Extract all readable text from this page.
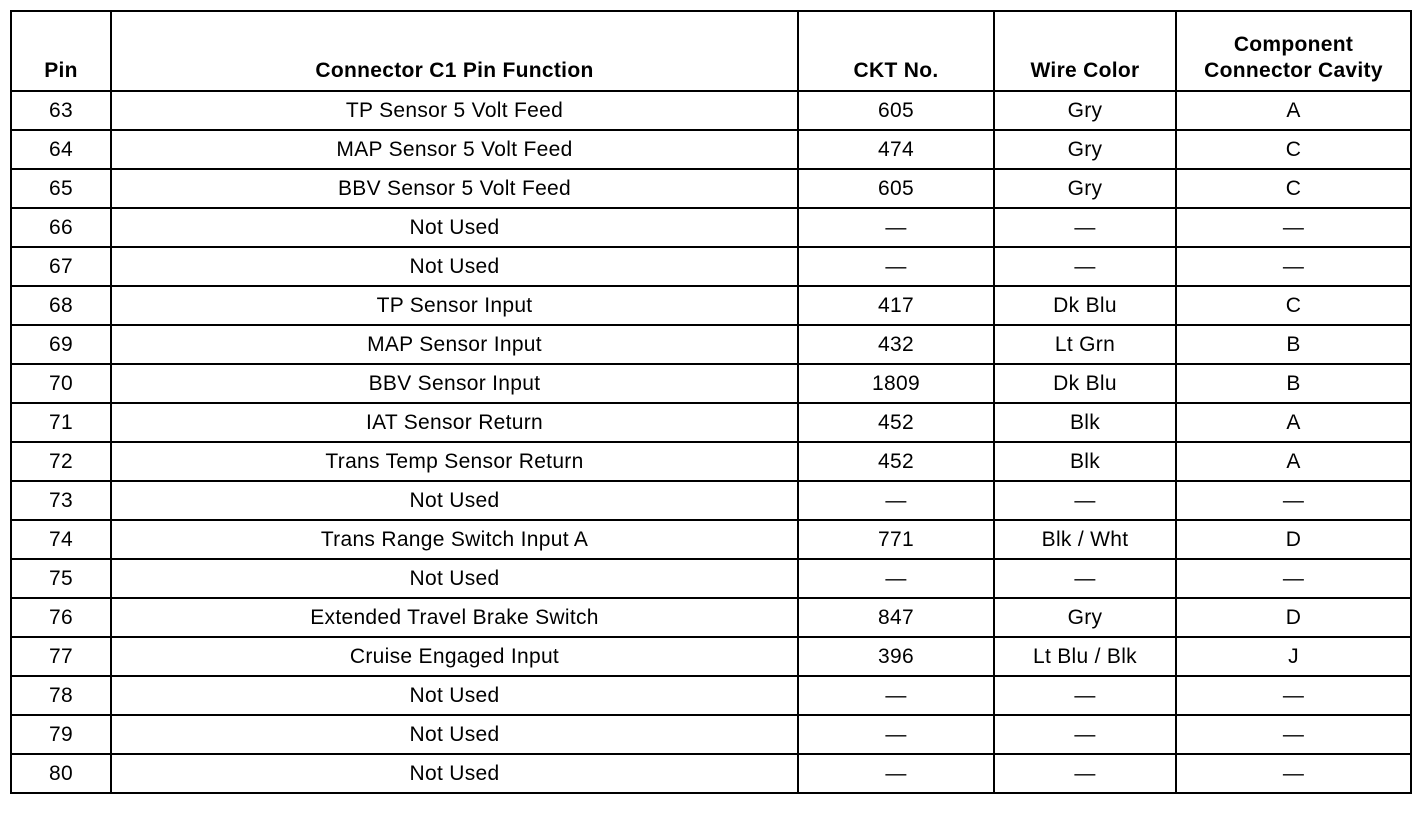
Pin	Connector C1 Pin Function	CKT No.	Wire Color	Component
Connector Cavity

63	TP Sensor 5 Volt Feed	605	Gry	A
64	MAP Sensor 5 Volt Feed	474	Gry	C
65	BBV Sensor 5 Volt Feed	605	Gry	C
66	Not Used	—	—	—
67	Not Used	—	—	—
68	TP Sensor Input	417	Dk Blu	C
69	MAP Sensor Input	432	Lt Grn	B
70	BBV Sensor Input	1809	Dk Blu	B
71	IAT Sensor Return	452	Blk	A
72	Trans Temp Sensor Return	452	Blk	A
73	Not Used	—	—	—
74	Trans Range Switch Input A	771	Blk / Wht	D
75	Not Used	—	—	—
76	Extended Travel Brake Switch	847	Gry	D
77	Cruise Engaged Input	396	Lt Blu / Blk	J
78	Not Used	—	—	—
79	Not Used	—	—	—
80	Not Used	—	—	—
